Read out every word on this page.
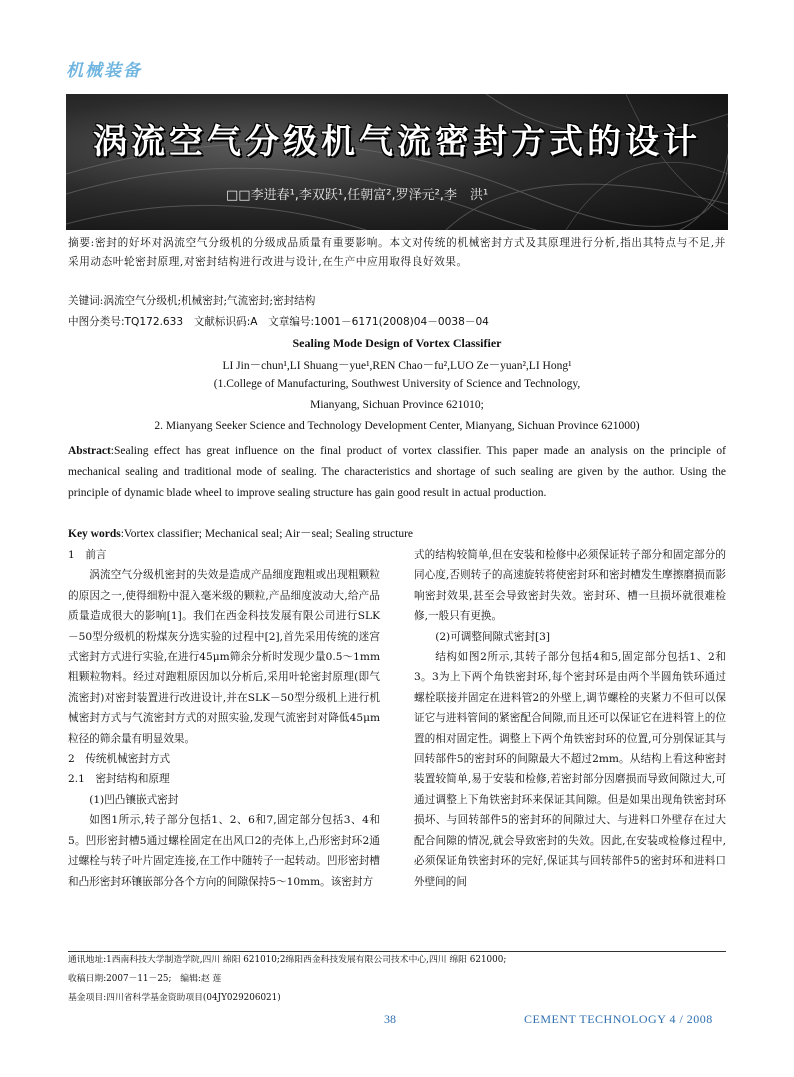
机械装备
涡流空气分级机气流密封方式的设计
□□李进春¹,李双跃¹,任朝富²,罗泽元²,李　洪¹
摘要:密封的好坏对涡流空气分级机的分级成品质量有重要影响。本文对传统的机械密封方式及其原理进行分析,指出其特点与不足,并采用动态叶轮密封原理,对密封结构进行改进与设计,在生产中应用取得良好效果。
关键词:涡流空气分级机;机械密封;气流密封;密封结构
中图分类号:TQ172.633　文献标识码:A　文章编号:1001－6171(2008)04－0038－04
Sealing Mode Design of Vortex Classifier
LI Jin－chun¹,LI Shuang－yue¹,REN Chao－fu²,LUO Ze－yuan²,LI Hong¹
(1.College of Manufacturing, Southwest University of Science and Technology,
Mianyang, Sichuan Province 621010;
2. Mianyang Seeker Science and Technology Development Center, Mianyang, Sichuan Province 621000)
Abstract:Sealing effect has great influence on the final product of vortex classifier. This paper made an analysis on the principle of mechanical sealing and traditional mode of sealing. The characteristics and shortage of such sealing are given by the author. Using the principle of dynamic blade wheel to improve sealing structure has gain good result in actual production.
Key words:Vortex classifier; Mechanical seal; Air－seal; Sealing structure

1　前言

涡流空气分级机密封的失效是造成产品细度跑粗或出现粗颗粒的原因之一,使得细粉中混入毫米级的颗粒,产品细度波动大,给产品质量造成很大的影响[1]。我们在西金科技发展有限公司进行SLK－50型分级机的粉煤灰分选实验的过程中[2],首先采用传统的迷宫式密封方式进行实验,在进行45μm筛余分析时发现少量0.5～1mm粗颗粒物料。经过对跑粗原因加以分析后,采用叶轮密封原理(即气流密封)对密封装置进行改进设计,并在SLK－50型分级机上进行机械密封方式与气流密封方式的对照实验,发现气流密封对降低45μm粒径的筛余量有明显效果。

2　传统机械密封方式

2.1　密封结构和原理

(1)凹凸镶嵌式密封

如图1所示,转子部分包括1、2、6和7,固定部分包括3、4和5。凹形密封槽5通过螺栓固定在出风口2的壳体上,凸形密封环2通过螺栓与转子叶片固定连接,在工作中随转子一起转动。凹形密封槽和凸形密封环镶嵌部分各个方向的间隙保持5～10mm。该密封方

式的结构较简单,但在安装和检修中必须保证转子部分和固定部分的同心度,否则转子的高速旋转将使密封环和密封槽发生摩擦磨损而影响密封效果,甚至会导致密封失效。密封环、槽一旦损坏就很难检修,一般只有更换。

(2)可调整间隙式密封[3]

结构如图2所示,其转子部分包括4和5,固定部分包括1、2和3。3为上下两个角铁密封环,每个密封环是由两个半圆角铁环通过螺栓联接并固定在进料管2的外壁上,调节螺栓的夹紧力不但可以保证它与进料管间的紧密配合间隙,而且还可以保证它在进料管上的位置的相对固定性。调整上下两个角铁密封环的位置,可分别保证其与回转部件5的密封环的间隙最大不超过2mm。从结构上看这种密封装置较简单,易于安装和检修,若密封部分因磨损而导致间隙过大,可通过调整上下角铁密封环来保证其间隙。但是如果出现角铁密封环损坏、与回转部件5的密封环的间隙过大、与进料口外壁存在过大配合间隙的情况,就会导致密封的失效。因此,在安装或检修过程中,必须保证角铁密封环的完好,保证其与回转部件5的密封环和进料口外壁间的间

通讯地址:1西南科技大学制造学院,四川 绵阳 621010;2绵阳西金科技发展有限公司技术中心,四川 绵阳 621000;
收稿日期:2007－11－25;　编辑:赵 莲
基金项目:四川省科学基金资助项目(04JY029206021)
38	CEMENT TECHNOLOGY 4 / 2008
